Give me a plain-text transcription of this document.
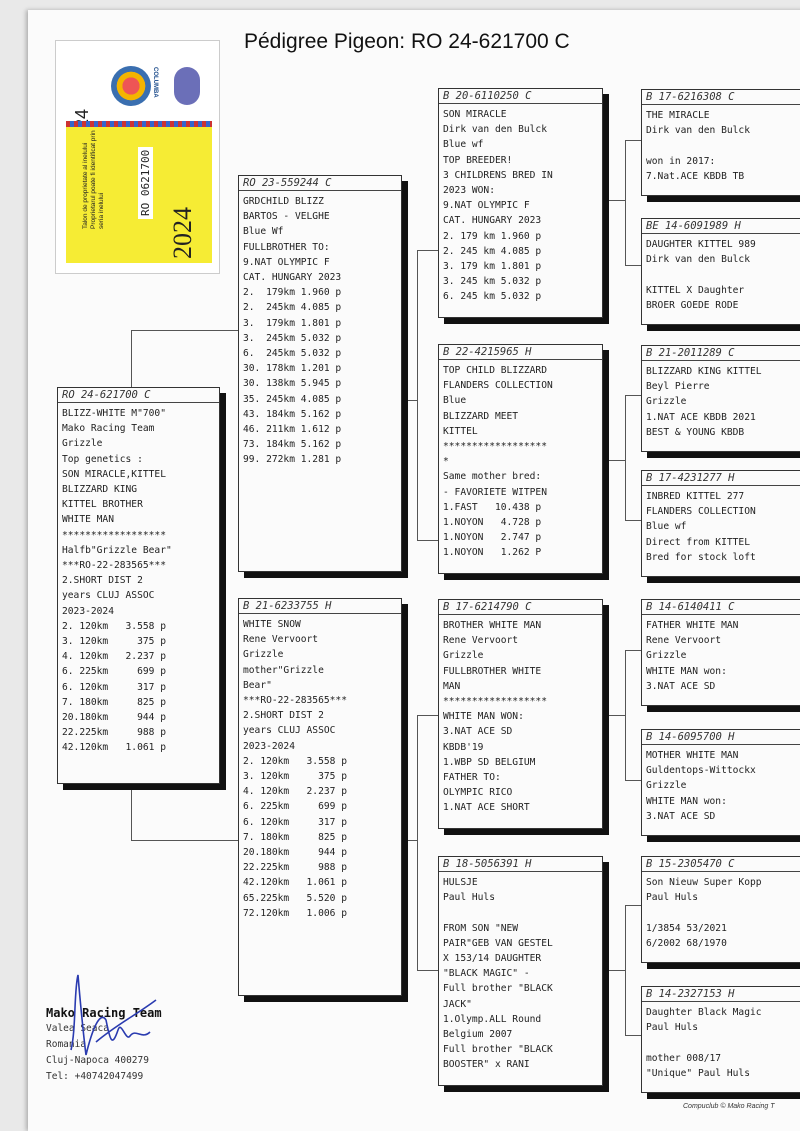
Pédigree Pigeon: RO 24-621700 C
COLUMBA
Talon de proprietate al inelului Proprietarul poate fi identificat prin seria inelului	RO 0621700
2024
RO 24-621700 C
BLIZZ-WHITE M"700"
Mako Racing Team
Grizzle
Top genetics :
SON MIRACLE,KITTEL
BLIZZARD KING
KITTEL BROTHER
WHITE MAN
******************
Halfb"Grizzle Bear"
***RO-22-283565***
2.SHORT DIST 2
years CLUJ ASSOC
2023-2024
2. 120km   3.558 p
3. 120km     375 p
4. 120km   2.237 p
6. 225km     699 p
6. 120km     317 p
7. 180km     825 p
20.180km     944 p
22.225km     988 p
42.120km   1.061 p
RO 23-559244 C
GRDCHILD BLIZZ
BARTOS - VELGHE
Blue Wf
FULLBROTHER TO:
9.NAT OLYMPIC F
CAT. HUNGARY 2023
2.  179km 1.960 p
2.  245km 4.085 p
3.  179km 1.801 p
3.  245km 5.032 p
6.  245km 5.032 p
30. 178km 1.201 p
30. 138km 5.945 p
35. 245km 4.085 p
43. 184km 5.162 p
46. 211km 1.612 p
73. 184km 5.162 p
99. 272km 1.281 p
B 21-6233755 H
WHITE SNOW
Rene Vervoort
Grizzle
mother"Grizzle
Bear"
***RO-22-283565***
2.SHORT DIST 2
years CLUJ ASSOC
2023-2024
2. 120km   3.558 p
3. 120km     375 p
4. 120km   2.237 p
6. 225km     699 p
6. 120km     317 p
7. 180km     825 p
20.180km     944 p
22.225km     988 p
42.120km   1.061 p
65.225km   5.520 p
72.120km   1.006 p
B 20-6110250 C
SON MIRACLE
Dirk van den Bulck
Blue wf
TOP BREEDER!
3 CHILDRENS BRED IN
2023 WON:
9.NAT OLYMPIC F
CAT. HUNGARY 2023
2. 179 km 1.960 p
2. 245 km 4.085 p
3. 179 km 1.801 p
3. 245 km 5.032 p
6. 245 km 5.032 p
B 22-4215965 H
TOP CHILD BLIZZARD
FLANDERS COLLECTION
Blue
BLIZZARD MEET
KITTEL
******************
*
Same mother bred:
- FAVORIETE WITPEN
1.FAST   10.438 p
1.NOYON   4.728 p
1.NOYON   2.747 p
1.NOYON   1.262 P
B 17-6214790 C
BROTHER WHITE MAN
Rene Vervoort
Grizzle
FULLBROTHER WHITE
MAN
******************
WHITE MAN WON:
3.NAT ACE SD
KBDB'19
1.WBP SD BELGIUM
FATHER TO:
OLYMPIC RICO
1.NAT ACE SHORT
B 18-5056391 H
HULSJE
Paul Huls

FROM SON "NEW
PAIR"GEB VAN GESTEL
X 153/14 DAUGHTER
"BLACK MAGIC" -
Full brother "BLACK
JACK"
1.Olymp.ALL Round
Belgium 2007
Full brother "BLACK
BOOSTER" x RANI
B 17-6216308 C
THE MIRACLE
Dirk van den Bulck

won in 2017:
7.Nat.ACE KBDB TB
BE 14-6091989 H
DAUGHTER KITTEL 989
Dirk van den Bulck

KITTEL X Daughter
BROER GOEDE RODE
B 21-2011289 C
BLIZZARD KING KITTEL
Beyl Pierre
Grizzle
1.NAT ACE KBDB 2021
BEST & YOUNG KBDB
B 17-4231277 H
INBRED KITTEL 277
FLANDERS COLLECTION
Blue wf
Direct from KITTEL
Bred for stock loft
B 14-6140411 C
FATHER WHITE MAN
Rene Vervoort
Grizzle
WHITE MAN won:
3.NAT ACE SD
B 14-6095700 H
MOTHER WHITE MAN
Guldentops-Wittockx
Grizzle
WHITE MAN won:
3.NAT ACE SD
B 15-2305470 C
Son Nieuw Super Kopp
Paul Huls

1/3854 53/2021
6/2002 68/1970
B 14-2327153 H
Daughter Black Magic
Paul Huls

mother 008/17
"Unique" Paul Huls
Mako Racing Team
Valea Seaca
Romania
Cluj-Napoca 400279
Tel: +40742047499
Compuclub © Mako Racing T
